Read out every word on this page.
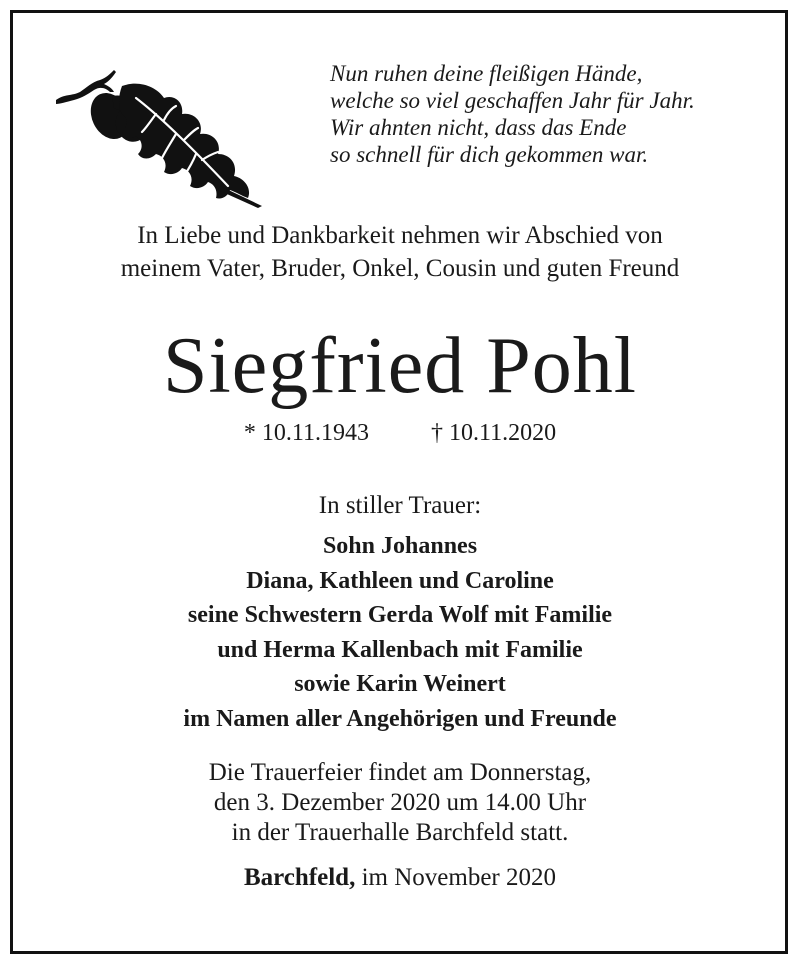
Nun ruhen deine fleißigen Hände,
welche so viel geschaffen Jahr für Jahr.
Wir ahnten nicht, dass das Ende
so schnell für dich gekommen war.
In Liebe und Dankbarkeit nehmen wir Abschied von
meinem Vater, Bruder, Onkel, Cousin und guten Freund
Siegfried Pohl
* 10.11.1943	† 10.11.2020
In stiller Trauer:
Sohn Johannes
Diana, Kathleen und Caroline
seine Schwestern Gerda Wolf mit Familie
und Herma Kallenbach mit Familie
sowie Karin Weinert
im Namen aller Angehörigen und Freunde
Die Trauerfeier findet am Donnerstag,
den 3. Dezember 2020 um 14.00 Uhr
in der Trauerhalle Barchfeld statt.
Barchfeld, im November 2020
